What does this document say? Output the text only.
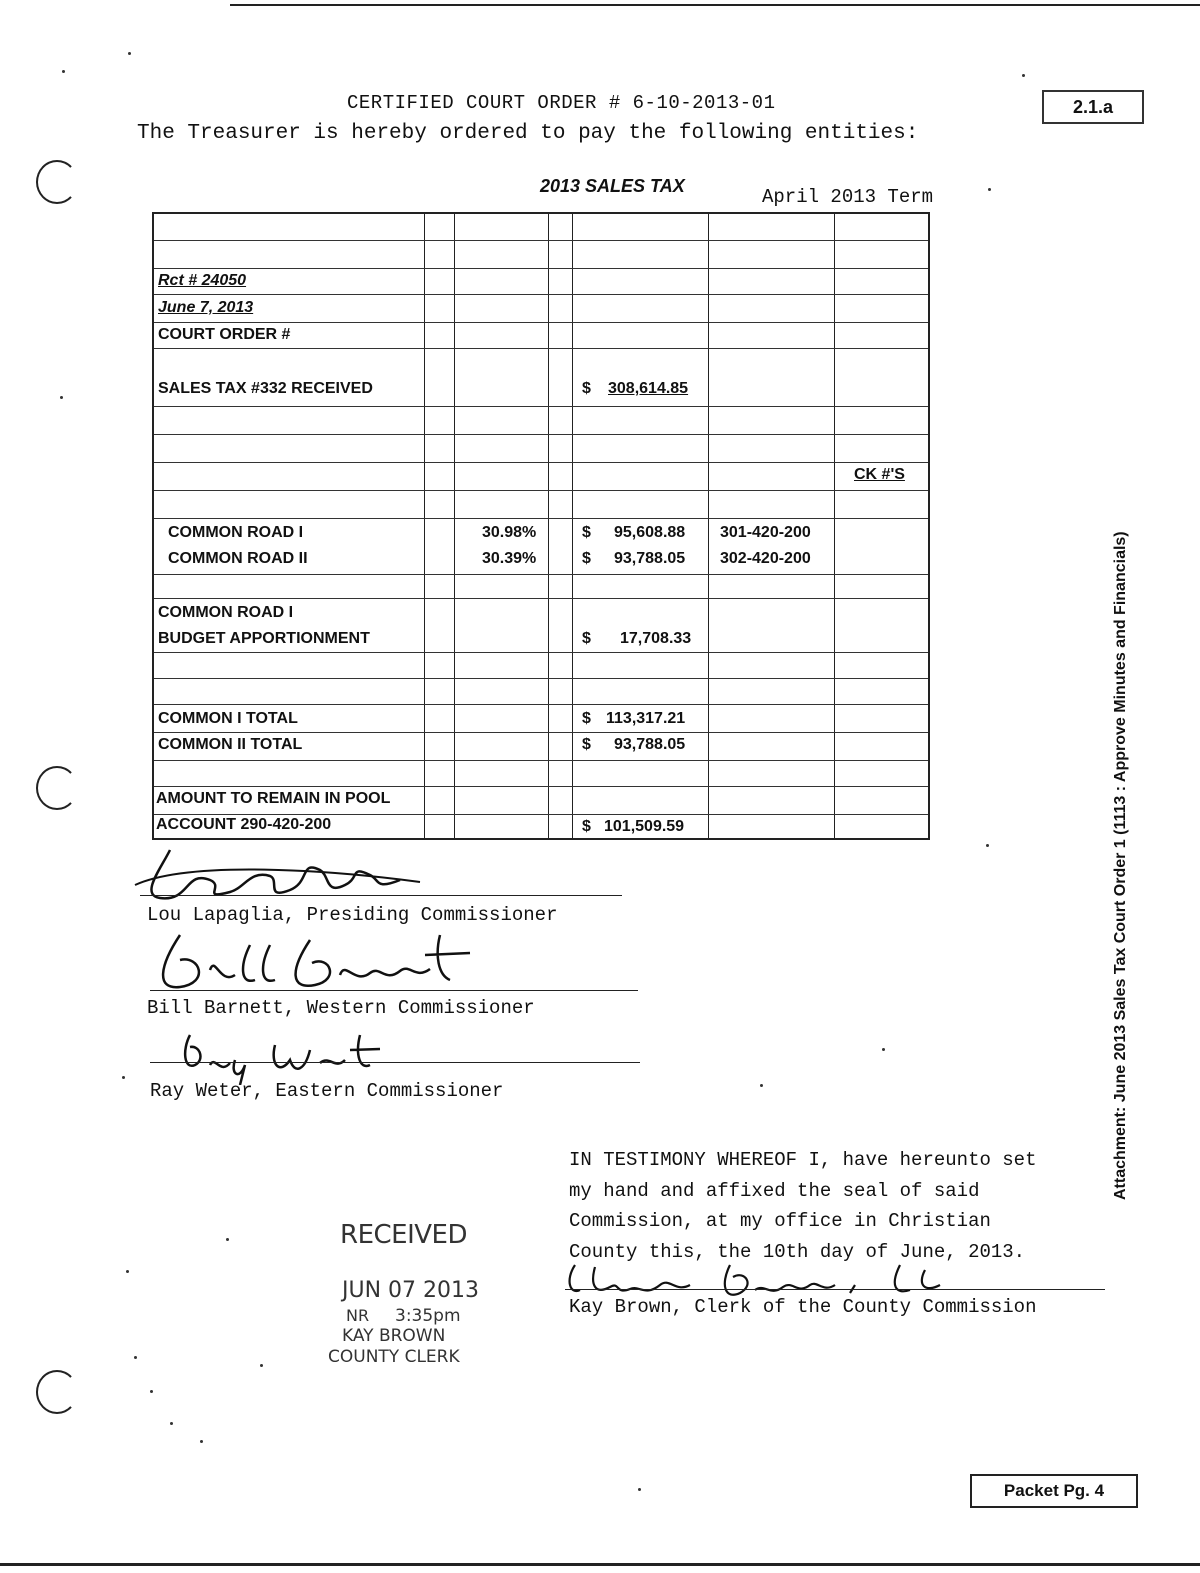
CERTIFIED COURT ORDER # 6-10-2013-01
The Treasurer is hereby ordered to pay the following entities:
2.1.a
2013 SALES TAX	April 2013 Term
Rct # 24050
June 7, 2013
COURT ORDER #
SALES TAX #332 RECEIVED	$ 308,614.85
CK #'S
COMMON ROAD I	30.98%	$ 95,608.88 301-420-200
COMMON ROAD II	30.39%	$ 93,788.05 302-420-200
COMMON ROAD I
BUDGET APPORTIONMENT	$ 17,708.33
COMMON I TOTAL	$ 113,317.21
COMMON II TOTAL	$ 93,788.05
AMOUNT TO REMAIN IN POOL
ACCOUNT 290-420-200	$ 101,509.59
Lou Lapaglia, Presiding Commissioner
Bill Barnett, Western Commissioner
Ray Weter, Eastern Commissioner
IN TESTIMONY WHEREOF I, have hereunto set
my hand and affixed the seal of said
Commission, at my office in Christian
County this, the 10th day of June, 2013.
Kay Brown, Clerk of the County Commission
RECEIVED
JUN 07 2013
NR 3:35pm
KAY BROWN
COUNTY CLERK
Attachment: June 2013 Sales Tax Court Order 1 (1113 : Approve Minutes and Financials)
Packet Pg. 4
